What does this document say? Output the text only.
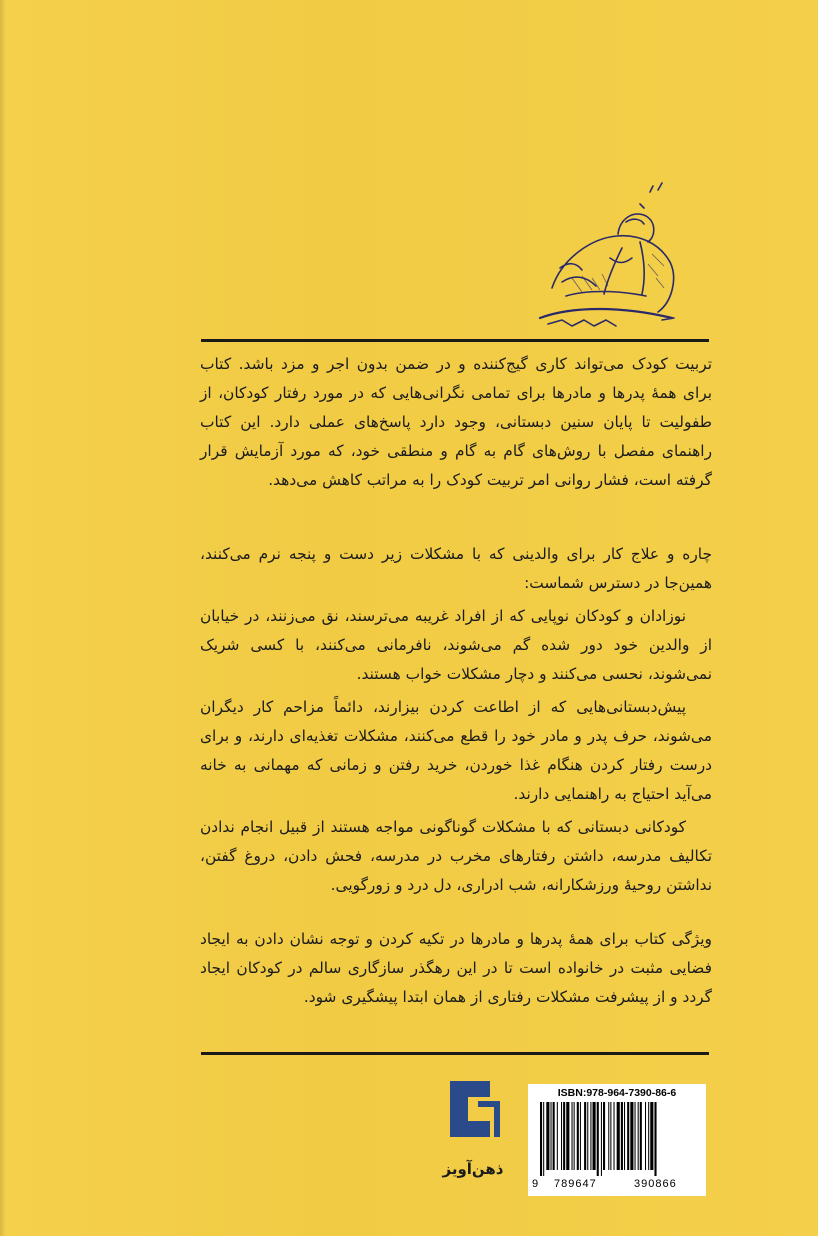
تربیت کودک می‌تواند کاری گیج‌کننده و در ضمن بدون اجر و مزد باشد. کتاب برای همهٔ پدرها و مادرها برای تمامی نگرانی‌هایی که در مورد رفتار کودکان، از طفولیت تا پایان سنین دبستانی، وجود دارد پاسخ‌های عملی دارد. این کتاب راهنمای مفصل با روش‌های گام به گام و منطقی خود، که مورد آزمایش قرار گرفته است، فشار روانی امر تربیت کودک را به مراتب کاهش می‌دهد.

چاره و علاج کار برای والدینی که با مشکلات زیر دست و پنجه نرم می‌کنند، همین‌جا در دسترس شماست:

نوزادان و کودکان نوپایی که از افراد غریبه می‌ترسند، نق می‌زنند، در خیابان از والدین خود دور شده گم می‌شوند، نافرمانی می‌کنند، با کسی شریک نمی‌شوند، نحسی می‌کنند و دچار مشکلات خواب هستند.

پیش‌دبستانی‌هایی که از اطاعت کردن بیزارند، دائماً مزاحم کار دیگران می‌شوند، حرف پدر و مادر خود را قطع می‌کنند، مشکلات تغذیه‌ای دارند، و برای درست رفتار کردن هنگام غذا خوردن، خرید رفتن و زمانی که مهمانی به خانه می‌آید احتیاج به راهنمایی دارند.

کودکانی دبستانی که با مشکلات گوناگونی مواجه هستند از قبیل انجام ندادن تکالیف مدرسه، داشتن رفتارهای مخرب در مدرسه، فحش دادن، دروغ گفتن، نداشتن روحیهٔ ورزشکارانه، شب ادراری، دل درد و زورگویی.

ویژگی کتاب برای همهٔ پدرها و مادرها در تکیه کردن و توجه نشان دادن به ایجاد فضایی مثبت در خانواده است تا در این رهگذر سازگاری سالم در کودکان ایجاد گردد و از پیشرفت مشکلات رفتاری از همان ابتدا پیشگیری شود.

ذهن‌آویز
ISBN:978-964-7390-86-6
9 789647	390866
